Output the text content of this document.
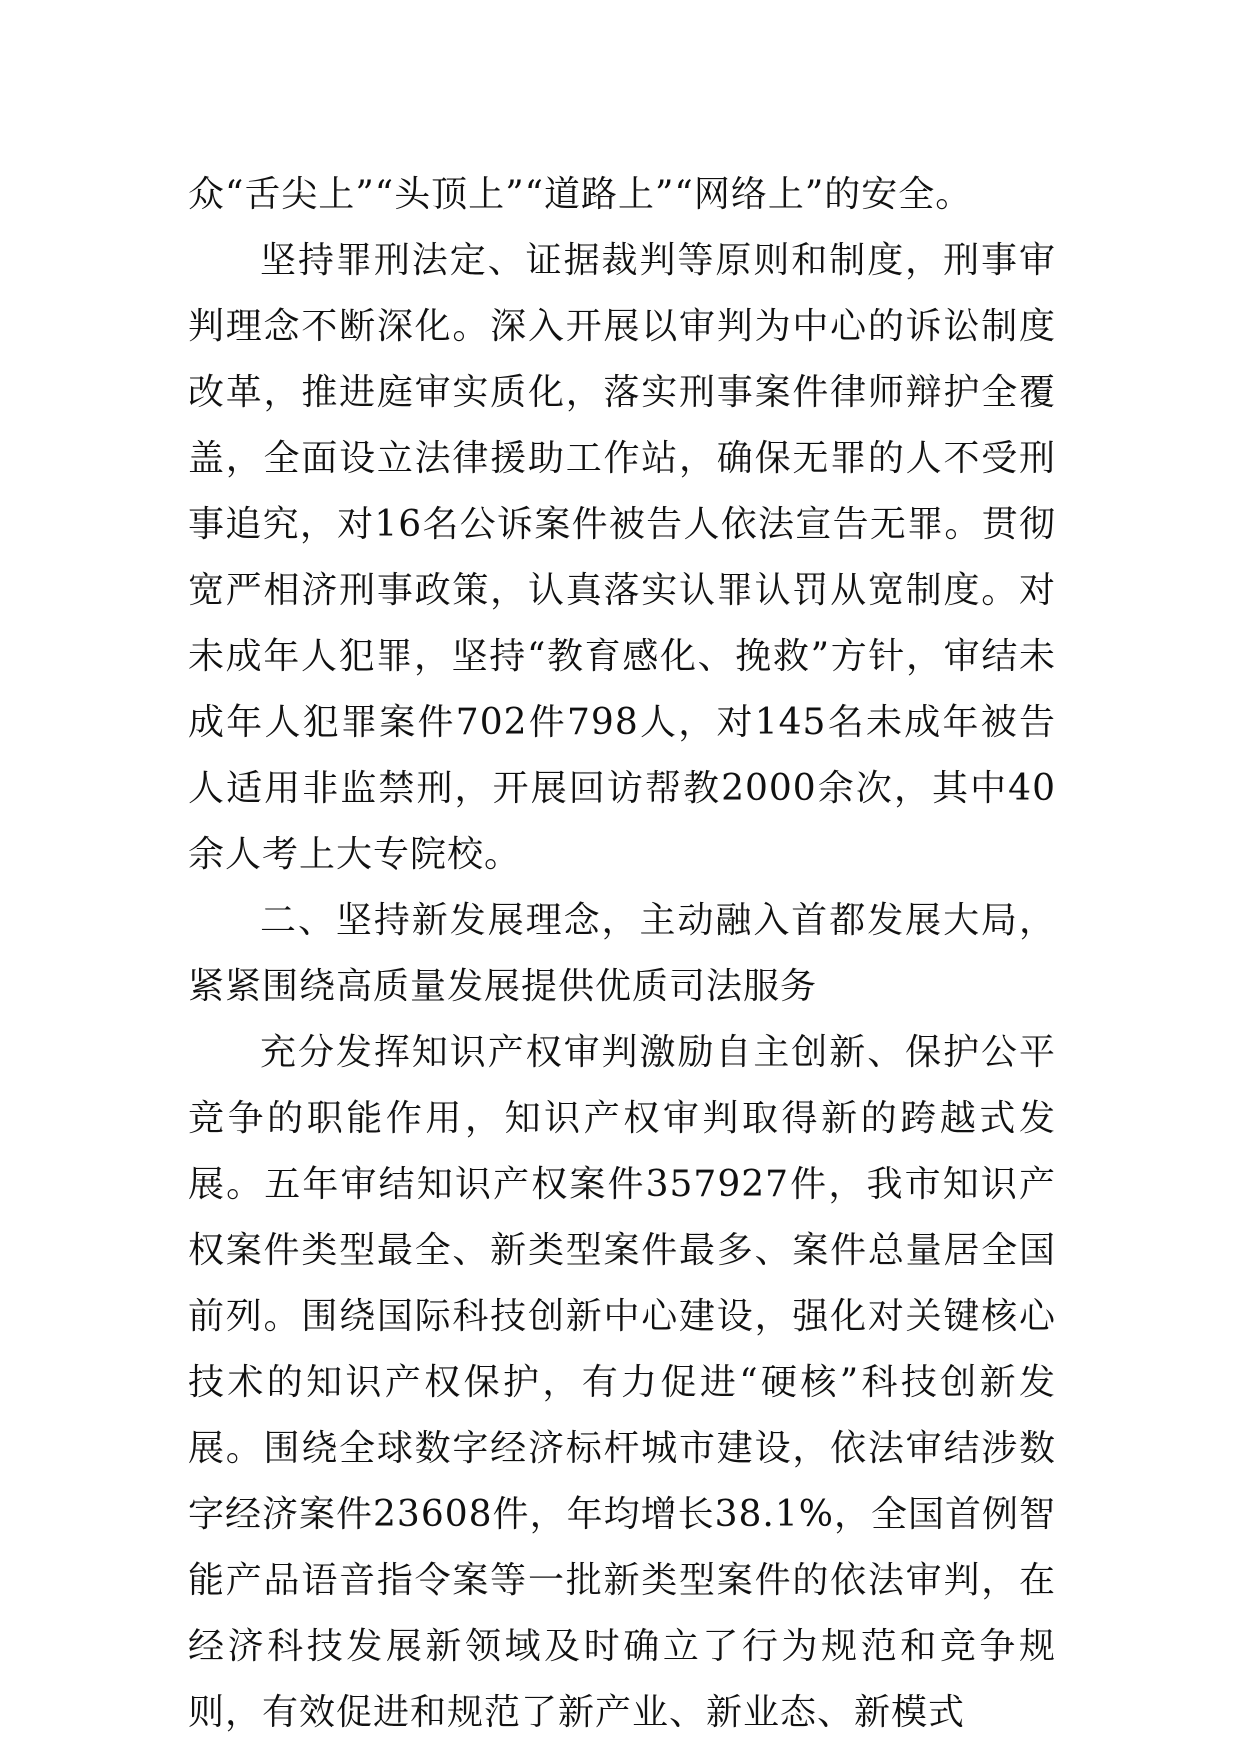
众“舌尖上”“头顶上”“道路上”“网络上”的安全。

坚持罪刑法定、证据裁判等原则和制度，刑事审判理念不断深化。深入开展以审判为中心的诉讼制度改革，推进庭审实质化，落实刑事案件律师辩护全覆盖，全面设立法律援助工作站，确保无罪的人不受刑事追究，对16名公诉案件被告人依法宣告无罪。贯彻宽严相济刑事政策，认真落实认罪认罚从宽制度。对未成年人犯罪，坚持“教育感化、挽救”方针，审结未成年人犯罪案件702件798人，对145名未成年被告人适用非监禁刑，开展回访帮教2000余次，其中40余人考上大专院校。

二、坚持新发展理念，主动融入首都发展大局，紧紧围绕高质量发展提供优质司法服务

充分发挥知识产权审判激励自主创新、保护公平竞争的职能作用，知识产权审判取得新的跨越式发展。五年审结知识产权案件357927件，我市知识产权案件类型最全、新类型案件最多、案件总量居全国前列。围绕国际科技创新中心建设，强化对关键核心技术的知识产权保护，有力促进“硬核”科技创新发展。围绕全球数字经济标杆城市建设，依法审结涉数字经济案件23608件，年均增长38.1%，全国首例智能产品语音指令案等一批新类型案件的依法审判，在经济科技发展新领域及时确立了行为规范和竞争规则，有效促进和规范了新产业、新业态、新模式
